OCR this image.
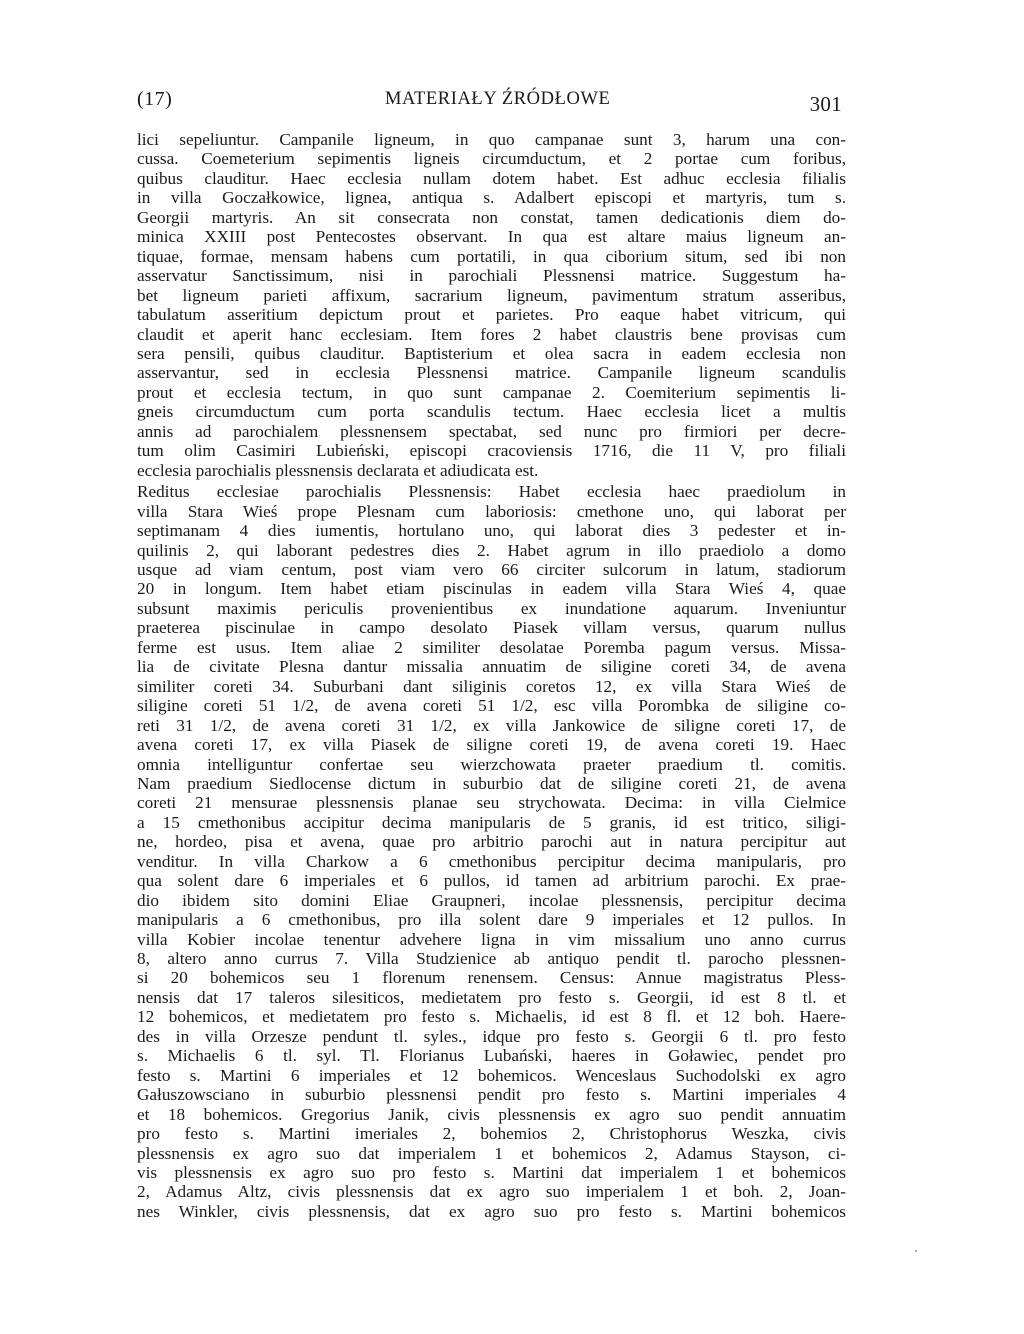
(17)	MATERIAŁY ŹRÓDŁOWE	301

lici sepeliuntur. Campanile ligneum, in quo campanae sunt 3, harum una con-
cussa. Coemeterium sepimentis ligneis circumductum, et 2 portae cum foribus,
quibus clauditur. Haec ecclesia nullam dotem habet. Est adhuc ecclesia filialis
in villa Goczałkowice, lignea, antiqua s. Adalbert episcopi et martyris, tum s.
Georgii martyris. An sit consecrata non constat, tamen dedicationis diem do-
minica XXIII post Pentecostes observant. In qua est altare maius ligneum an-
tiquae, formae, mensam habens cum portatili, in qua ciborium situm, sed ibi non
asservatur Sanctissimum, nisi in parochiali Plessnensi matrice. Suggestum ha-
bet ligneum parieti affixum, sacrarium ligneum, pavimentum stratum asseribus,
tabulatum asseritium depictum prout et parietes. Pro eaque habet vitricum, qui
claudit et aperit hanc ecclesiam. Item fores 2 habet claustris bene provisas cum
sera pensili, quibus clauditur. Baptisterium et olea sacra in eadem ecclesia non
asservantur, sed in ecclesia Plessnensi matrice. Campanile ligneum scandulis
prout et ecclesia tectum, in quo sunt campanae 2. Coemiterium sepimentis li-
gneis circumductum cum porta scandulis tectum. Haec ecclesia licet a multis
annis ad parochialem plessnensem spectabat, sed nunc pro firmiori per decre-
tum olim Casimiri Lubieński, episcopi cracoviensis 1716, die 11 V, pro filiali
ecclesia parochialis plessnensis declarata et adiudicata est.

Reditus ecclesiae parochialis Plessnensis: Habet ecclesia haec praediolum in
villa Stara Wieś prope Plesnam cum laboriosis: cmethone uno, qui laborat per
septimanam 4 dies iumentis, hortulano uno, qui laborat dies 3 pedester et in-
quilinis 2, qui laborant pedestres dies 2. Habet agrum in illo praediolo a domo
usque ad viam centum, post viam vero 66 circiter sulcorum in latum, stadiorum
20 in longum. Item habet etiam piscinulas in eadem villa Stara Wieś 4, quae
subsunt maximis periculis provenientibus ex inundatione aquarum. Inveniuntur
praeterea piscinulae in campo desolato Piasek villam versus, quarum nullus
ferme est usus. Item aliae 2 similiter desolatae Poremba pagum versus. Missa-
lia de civitate Plesna dantur missalia annuatim de siligine coreti 34, de avena
similiter coreti 34. Suburbani dant siliginis coretos 12, ex villa Stara Wieś de
siligine coreti 51 1/2, de avena coreti 51 1/2, esc villa Porombka de siligine co-
reti 31 1/2, de avena coreti 31 1/2, ex villa Jankowice de siligne coreti 17, de
avena coreti 17, ex villa Piasek de siligne coreti 19, de avena coreti 19. Haec
omnia intelliguntur confertae seu wierzchowata praeter praedium tl. comitis.
Nam praedium Siedlocense dictum in suburbio dat de siligine coreti 21, de avena
coreti 21 mensurae plessnensis planae seu strychowata. Decima: in villa Cielmice
a 15 cmethonibus accipitur decima manipularis de 5 granis, id est tritico, siligi-
ne, hordeo, pisa et avena, quae pro arbitrio parochi aut in natura percipitur aut
venditur. In villa Charkow a 6 cmethonibus percipitur decima manipularis, pro
qua solent dare 6 imperiales et 6 pullos, id tamen ad arbitrium parochi. Ex prae-
dio ibidem sito domini Eliae Graupneri, incolae plessnensis, percipitur decima
manipularis a 6 cmethonibus, pro illa solent dare 9 imperiales et 12 pullos. In
villa Kobier incolae tenentur advehere ligna in vim missalium uno anno currus
8, altero anno currus 7. Villa Studzienice ab antiquo pendit tl. parocho plessnen-
si 20 bohemicos seu 1 florenum renensem. Census: Annue magistratus Pless-
nensis dat 17 taleros silesiticos, medietatem pro festo s. Georgii, id est 8 tl. et
12 bohemicos, et medietatem pro festo s. Michaelis, id est 8 fl. et 12 boh. Haere-
des in villa Orzesze pendunt tl. syles., idque pro festo s. Georgii 6 tl. pro festo
s. Michaelis 6 tl. syl. Tl. Florianus Lubański, haeres in Goławiec, pendet pro
festo s. Martini 6 imperiales et 12 bohemicos. Wenceslaus Suchodolski ex agro
Gałuszowsciano in suburbio plessnensi pendit pro festo s. Martini imperiales 4
et 18 bohemicos. Gregorius Janik, civis plessnensis ex agro suo pendit annuatim
pro festo s. Martini imeriales 2, bohemios 2, Christophorus Weszka, civis
plessnensis ex agro suo dat imperialem 1 et bohemicos 2, Adamus Stayson, ci-
vis plessnensis ex agro suo pro festo s. Martini dat imperialem 1 et bohemicos
2, Adamus Altz, civis plessnensis dat ex agro suo imperialem 1 et boh. 2, Joan-
nes Winkler, civis plessnensis, dat ex agro suo pro festo s. Martini bohemicos
